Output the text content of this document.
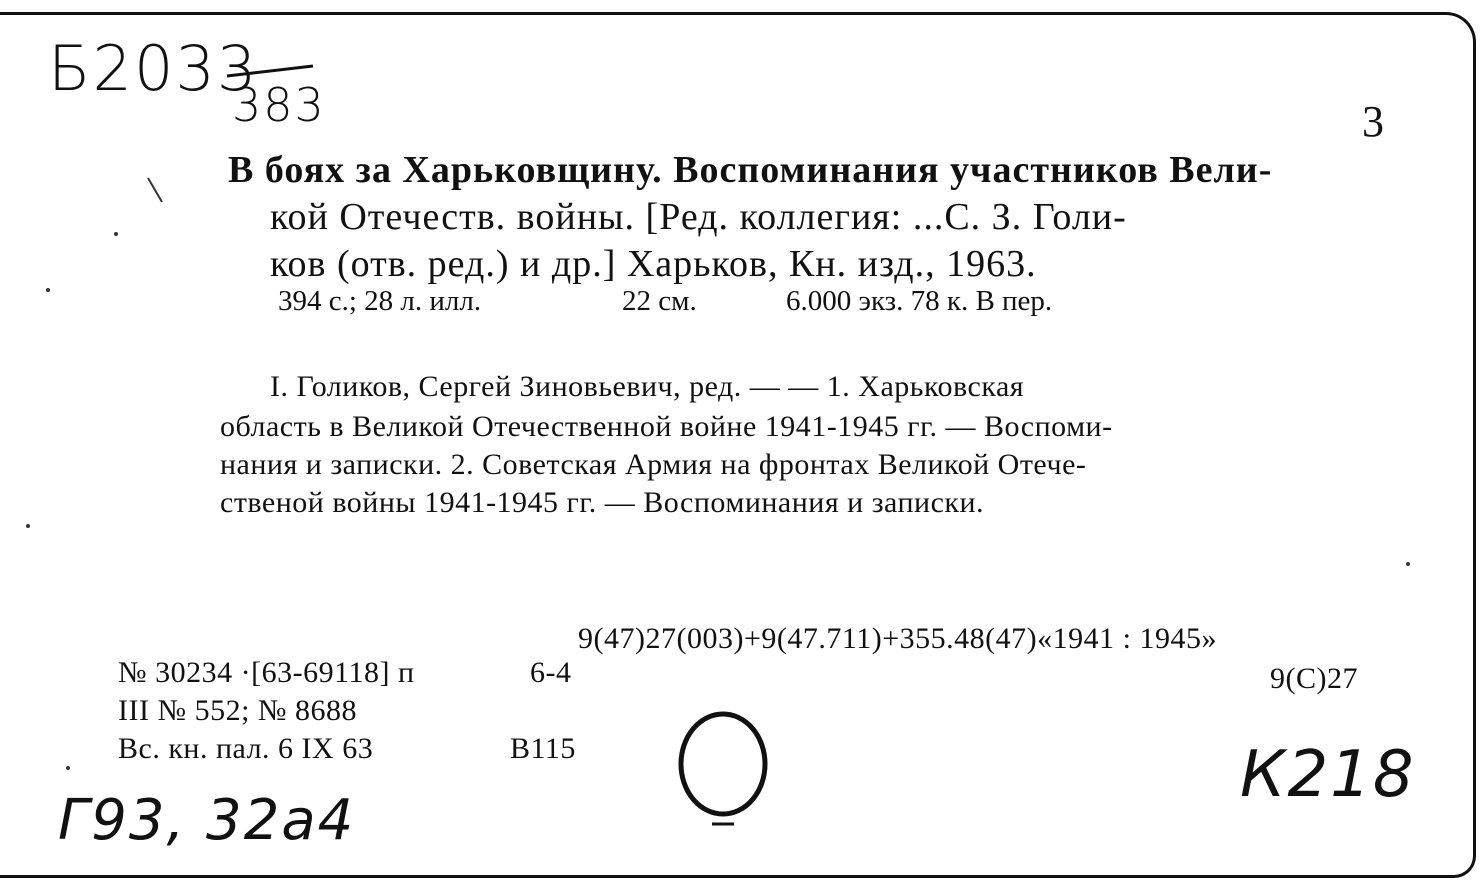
Б2033
383	3
В боях за Харьковщину. Воспоминания участников Вели-
кой Отечеств. войны. [Ред. коллегия: ...С. З. Голи-
ков (отв. ред.) и др.] Харьков, Кн. изд., 1963.
394 с.; 28 л. илл.	22 см.	6.000 экз. 78 к. В пер.
I. Голиков, Сергей Зиновьевич, ред. — — 1. Харьковская
область в Великой Отечественной войне 1941-1945 гг. — Воспоми-
нания и записки. 2. Советская Армия на фронтах Великой Отече-
ственой войны 1941-1945 гг. — Воспоминания и записки.
9(47)27(003)+9(47.711)+355.48(47)«1941 : 1945»
9(С)27
№ 30234 ·[63-69118] п	6-4
III № 552; № 8688
Вс. кн. пал. 6 IX 63	В115
Г93, 32а4
К218
